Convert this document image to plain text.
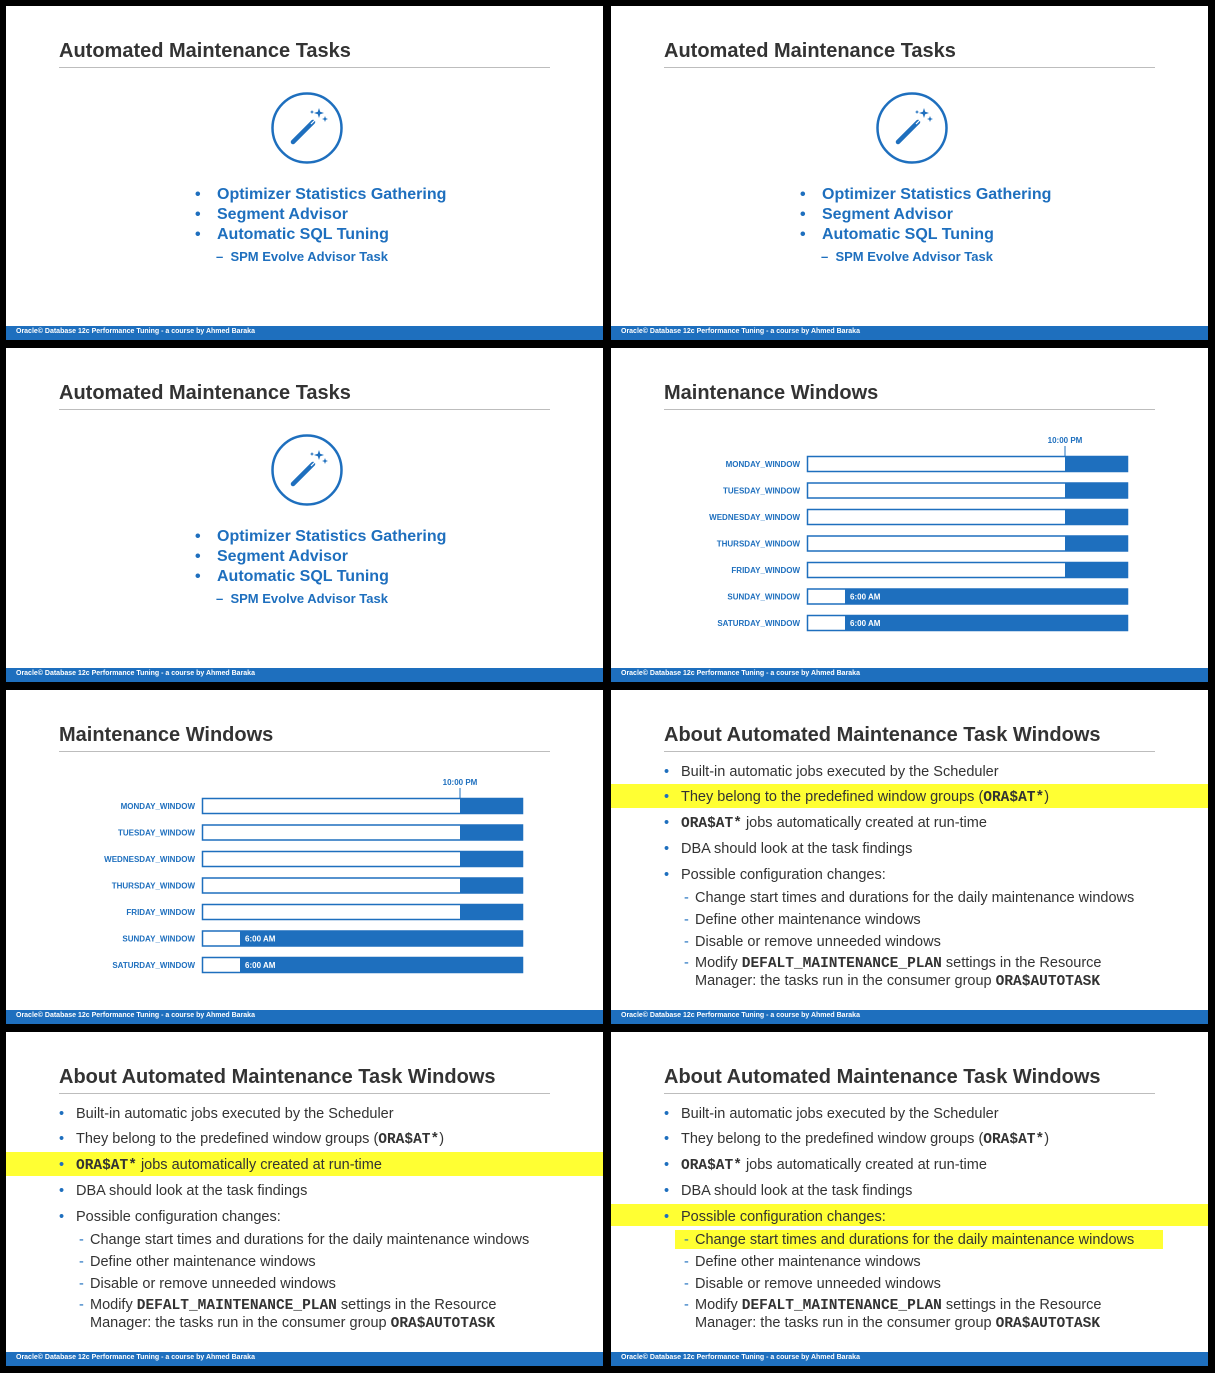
Automated Maintenance Tasks
• Optimizer Statistics Gathering
• Segment Advisor
• Automatic SQL Tuning
– SPM Evolve Advisor Task
Oracle© Database 12c Performance Tuning - a course by Ahmed Baraka
Automated Maintenance Tasks
• Optimizer Statistics Gathering
• Segment Advisor
• Automatic SQL Tuning
– SPM Evolve Advisor Task
Oracle© Database 12c Performance Tuning - a course by Ahmed Baraka
Automated Maintenance Tasks
• Optimizer Statistics Gathering
• Segment Advisor
• Automatic SQL Tuning
– SPM Evolve Advisor Task
Oracle© Database 12c Performance Tuning - a course by Ahmed Baraka
Maintenance Windows
10:00 PM
MONDAY_WINDOW
TUESDAY_WINDOW
WEDNESDAY_WINDOW
THURSDAY_WINDOW
FRIDAY_WINDOW
SUNDAY_WINDOW	6:00 AM
SATURDAY_WINDOW	6:00 AM
Oracle© Database 12c Performance Tuning - a course by Ahmed Baraka
Maintenance Windows
10:00 PM
MONDAY_WINDOW
TUESDAY_WINDOW
WEDNESDAY_WINDOW
THURSDAY_WINDOW
FRIDAY_WINDOW
SUNDAY_WINDOW	6:00 AM
SATURDAY_WINDOW	6:00 AM
Oracle© Database 12c Performance Tuning - a course by Ahmed Baraka
About Automated Maintenance Task Windows
• Built-in automatic jobs executed by the Scheduler
• They belong to the predefined window groups (ORA$AT*)
• ORA$AT* jobs automatically created at run-time
• DBA should look at the task findings
• Possible configuration changes:
- Change start times and durations for the daily maintenance windows
- Define other maintenance windows
- Disable or remove unneeded windows
- Modify DEFALT_MAINTENANCE_PLAN settings in the Resource
Manager: the tasks run in the consumer group ORA$AUTOTASK
Oracle© Database 12c Performance Tuning - a course by Ahmed Baraka
About Automated Maintenance Task Windows
• Built-in automatic jobs executed by the Scheduler
• They belong to the predefined window groups (ORA$AT*)
• ORA$AT* jobs automatically created at run-time
• DBA should look at the task findings
• Possible configuration changes:
- Change start times and durations for the daily maintenance windows
- Define other maintenance windows
- Disable or remove unneeded windows
- Modify DEFALT_MAINTENANCE_PLAN settings in the Resource
Manager: the tasks run in the consumer group ORA$AUTOTASK
Oracle© Database 12c Performance Tuning - a course by Ahmed Baraka
About Automated Maintenance Task Windows
• Built-in automatic jobs executed by the Scheduler
• They belong to the predefined window groups (ORA$AT*)
• ORA$AT* jobs automatically created at run-time
• DBA should look at the task findings
• Possible configuration changes:
- Change start times and durations for the daily maintenance windows
- Define other maintenance windows
- Disable or remove unneeded windows
- Modify DEFALT_MAINTENANCE_PLAN settings in the Resource
Manager: the tasks run in the consumer group ORA$AUTOTASK
Oracle© Database 12c Performance Tuning - a course by Ahmed Baraka
